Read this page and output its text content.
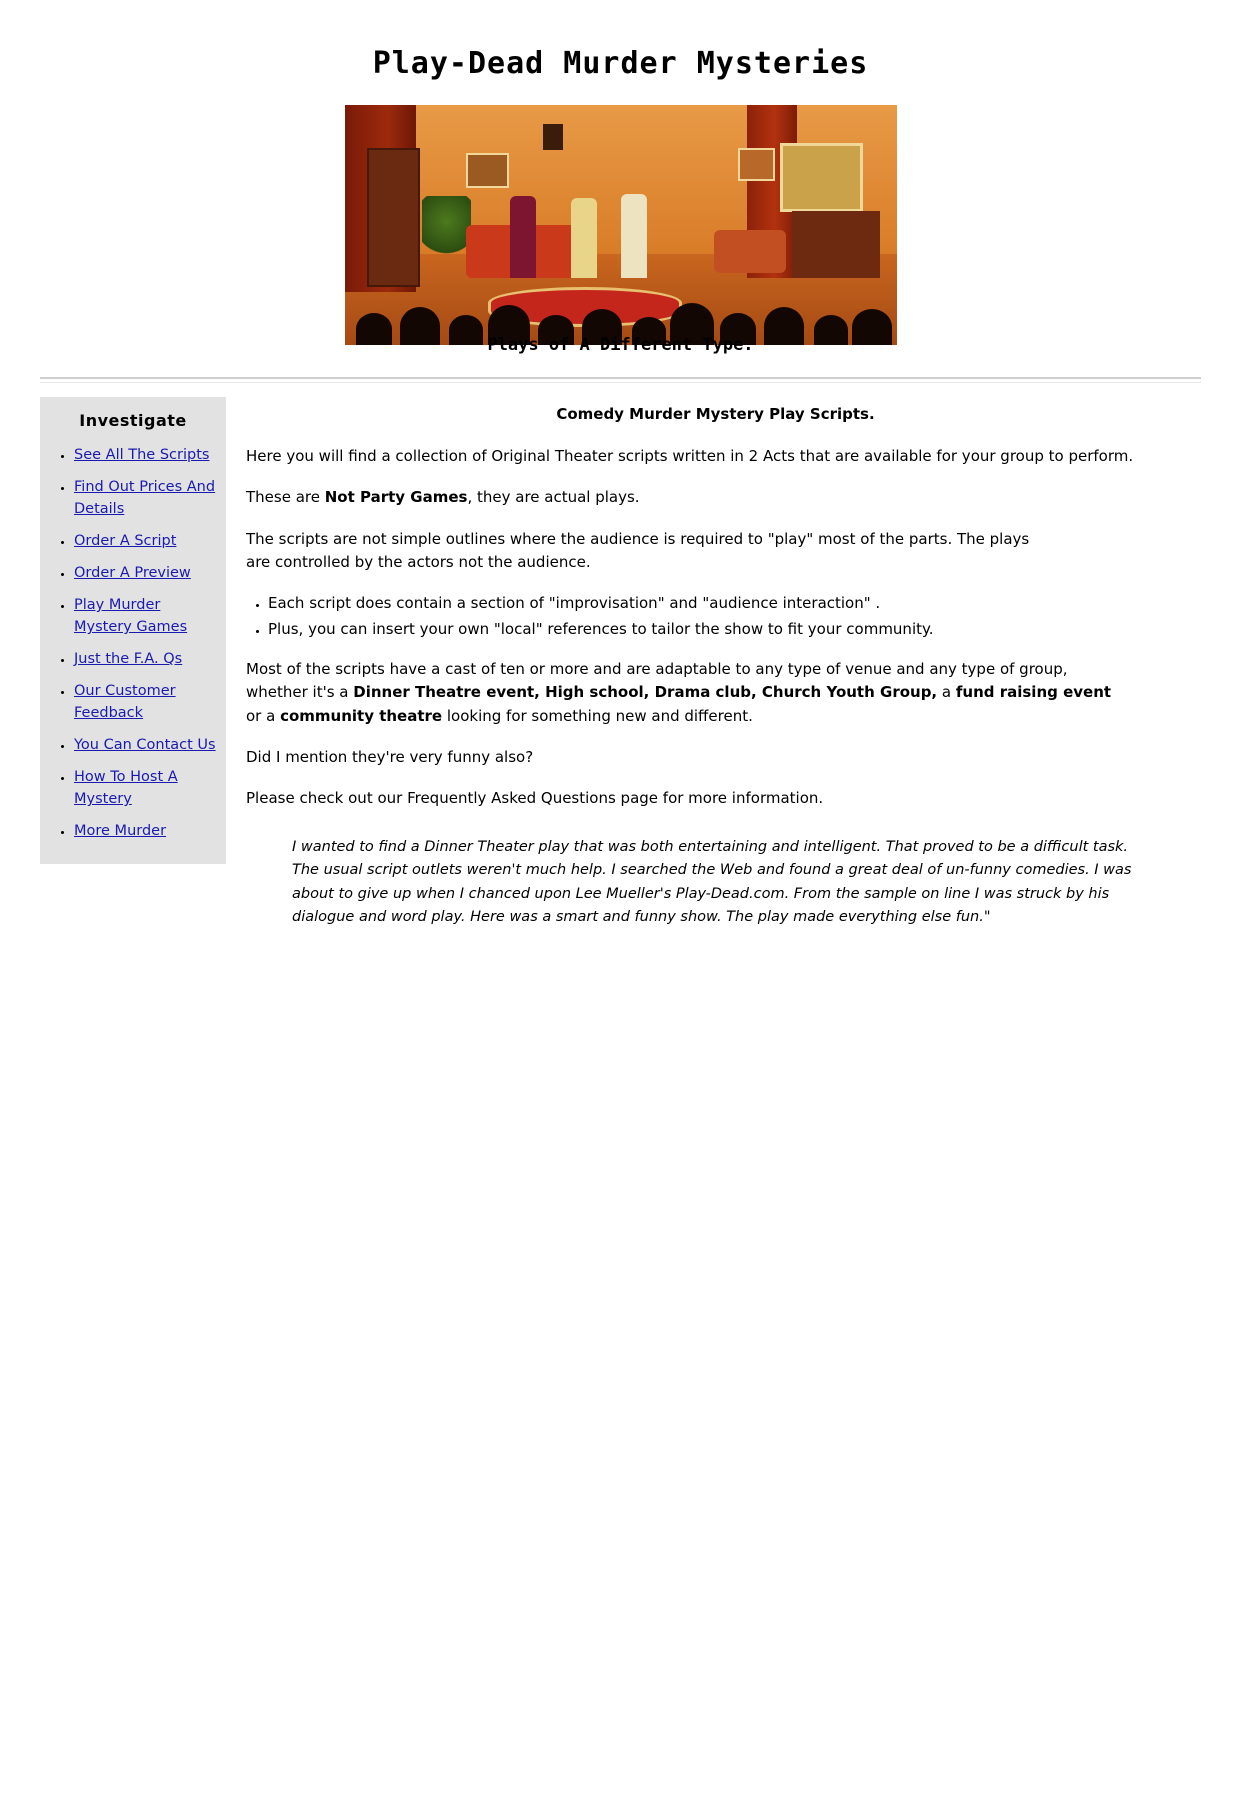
Play-Dead Murder Mysteries
Plays of A Different Type.
Investigate
• See All The Scripts
• Find Out Prices And Details
• Order A Script
• Order A Preview
• Play Murder Mystery Games
• Just the F.A. Qs
• Our Customer Feedback
• You Can Contact Us
• How To Host A Mystery
• More Murder
Comedy Murder Mystery Play Scripts.

Here you will find a collection of Original Theater scripts written in 2 Acts that are available for your group to perform.

These are Not Party Games, they are actual plays.

The scripts are not simple outlines where the audience is required to "play" most of the parts. The plays
are controlled by the actors not the audience.

• Each script does contain a section of "improvisation" and "audience interaction" .
• Plus, you can insert your own "local" references to tailor the show to fit your community.

Most of the scripts have a cast of ten or more and are adaptable to any type of venue and any type of group,
whether it's a Dinner Theatre event, High school, Drama club, Church Youth Group, a fund raising event
or a community theatre looking for something new and different.

Did I mention they're very funny also?

Please check out our Frequently Asked Questions page for more information.

I wanted to find a Dinner Theater play that was both entertaining and intelligent. That proved to be a difficult task. The usual script outlets weren't much help. I searched the Web and found a great deal of un-funny comedies. I was about to give up when I chanced upon Lee Mueller's Play-Dead.com. From the sample on line I was struck by his dialogue and word play. Here was a smart and funny show. The play made everything else fun."
